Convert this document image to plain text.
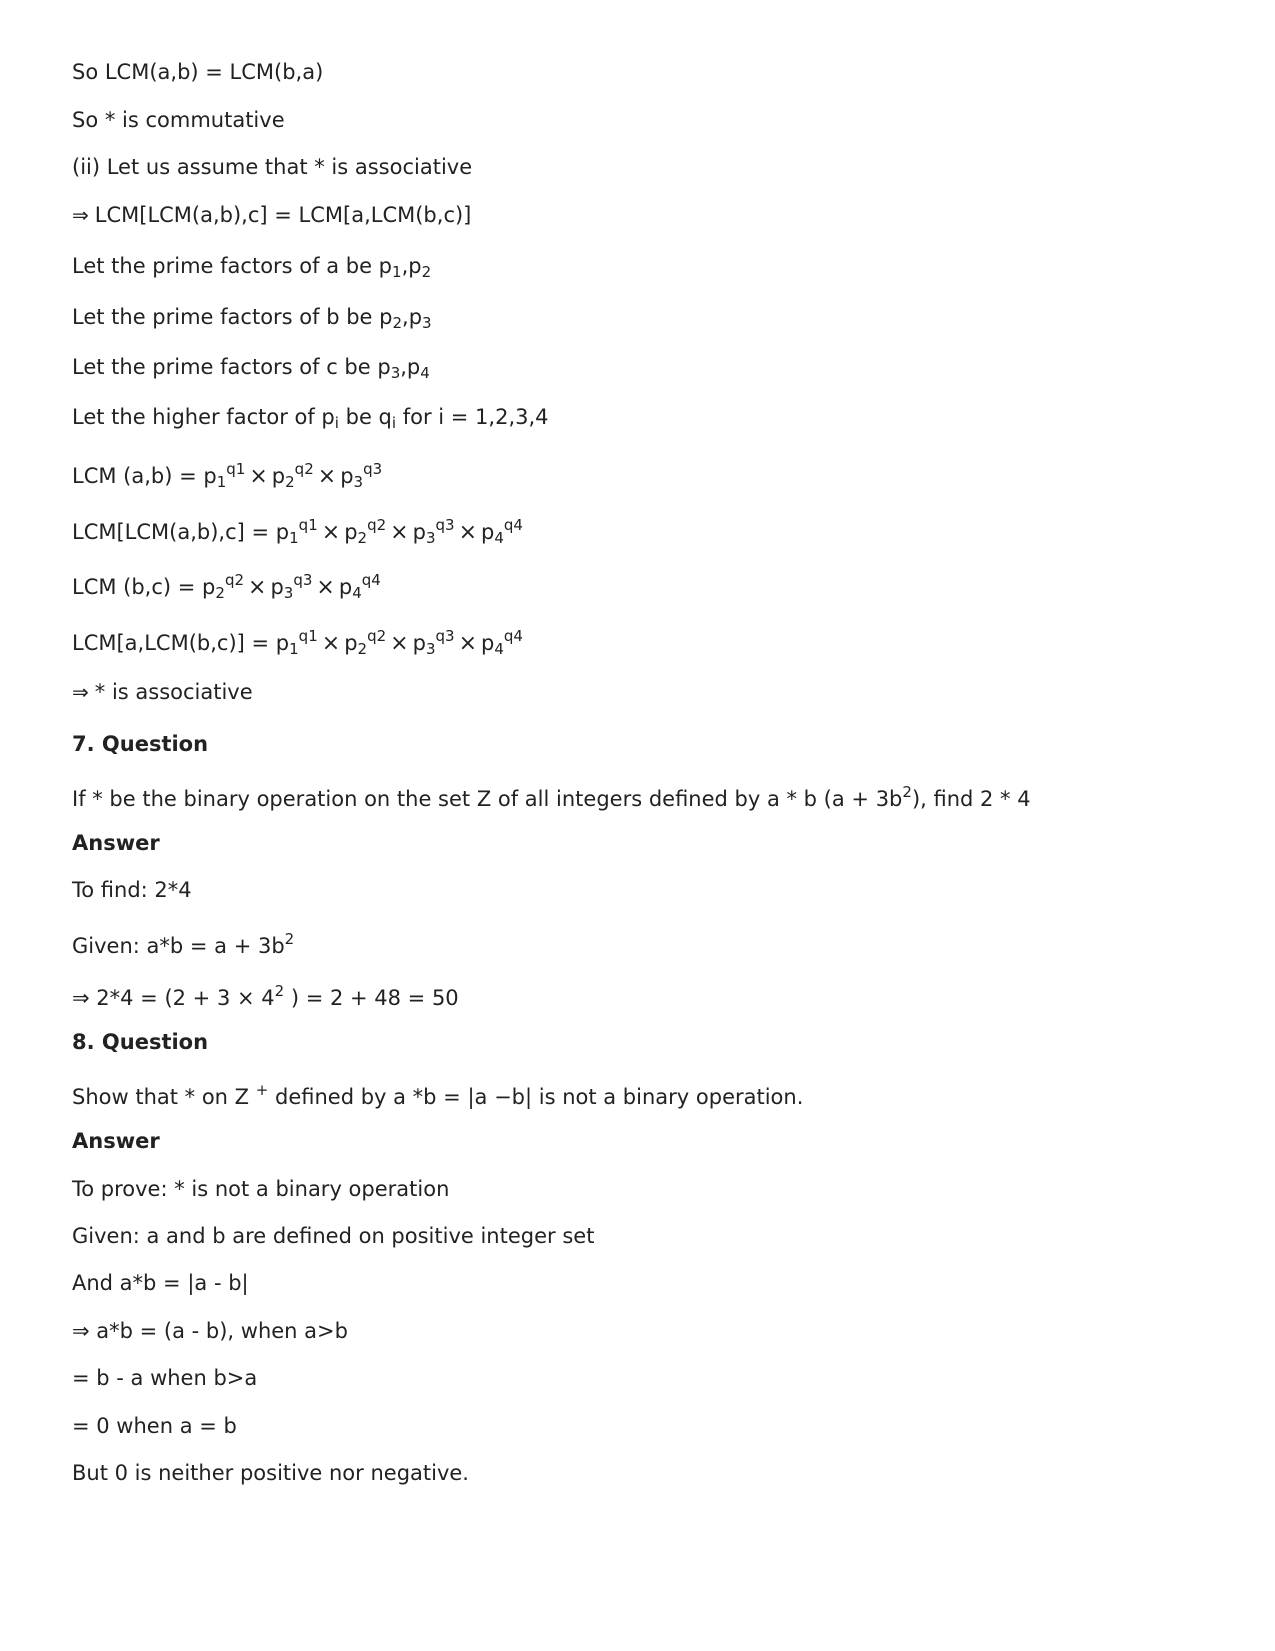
So LCM(a,b) = LCM(b,a)
So * is commutative
(ii) Let us assume that * is associative
⇒ LCM[LCM(a,b),c] = LCM[a,LCM(b,c)]
Let the prime factors of a be $p_1,p_2$
Let the prime factors of b be $p_2,p_3$
Let the prime factors of c be $p_3,p_4$
Let the higher factor of $p_i$ be $q_i$ for i = 1,2,3,4
LCM $(a,b) = p_1^{q1} \times p_2^{q2} \times p_3^{q3}$
$LCM[LCM(a,b),c] = p_1^{q1} \times p_2^{q2} \times p_3^{q3} \times p_4^{q4}$
LCM $(b,c) = p_2^{q2} \times p_3^{q3} \times p_4^{q4}$
$LCM[a,LCM(b,c)] = p_1^{q1} \times p_2^{q2} \times p_3^{q3} \times p_4^{q4}$
⇒ * is associative
7. Question
If * be the binary operation on the set Z of all integers defined by a * b $(a + 3b^2)$, find 2 * 4
Answer
To find: 2*4
Given: $a*b = a + 3b^2$
⇒ $2*4 = (2 + 3 \times 4^2$ ) = 2 + 48 = 50
8. Question
Show that * on Z + defined by a *b = |a −b| is not a binary operation.
Answer
To prove: * is not a binary operation
Given: a and b are defined on positive integer set
And a*b = |a - b|
⇒ a*b = (a - b), when a>b
= b - a when b>a
= 0 when a = b
But 0 is neither positive nor negative.
